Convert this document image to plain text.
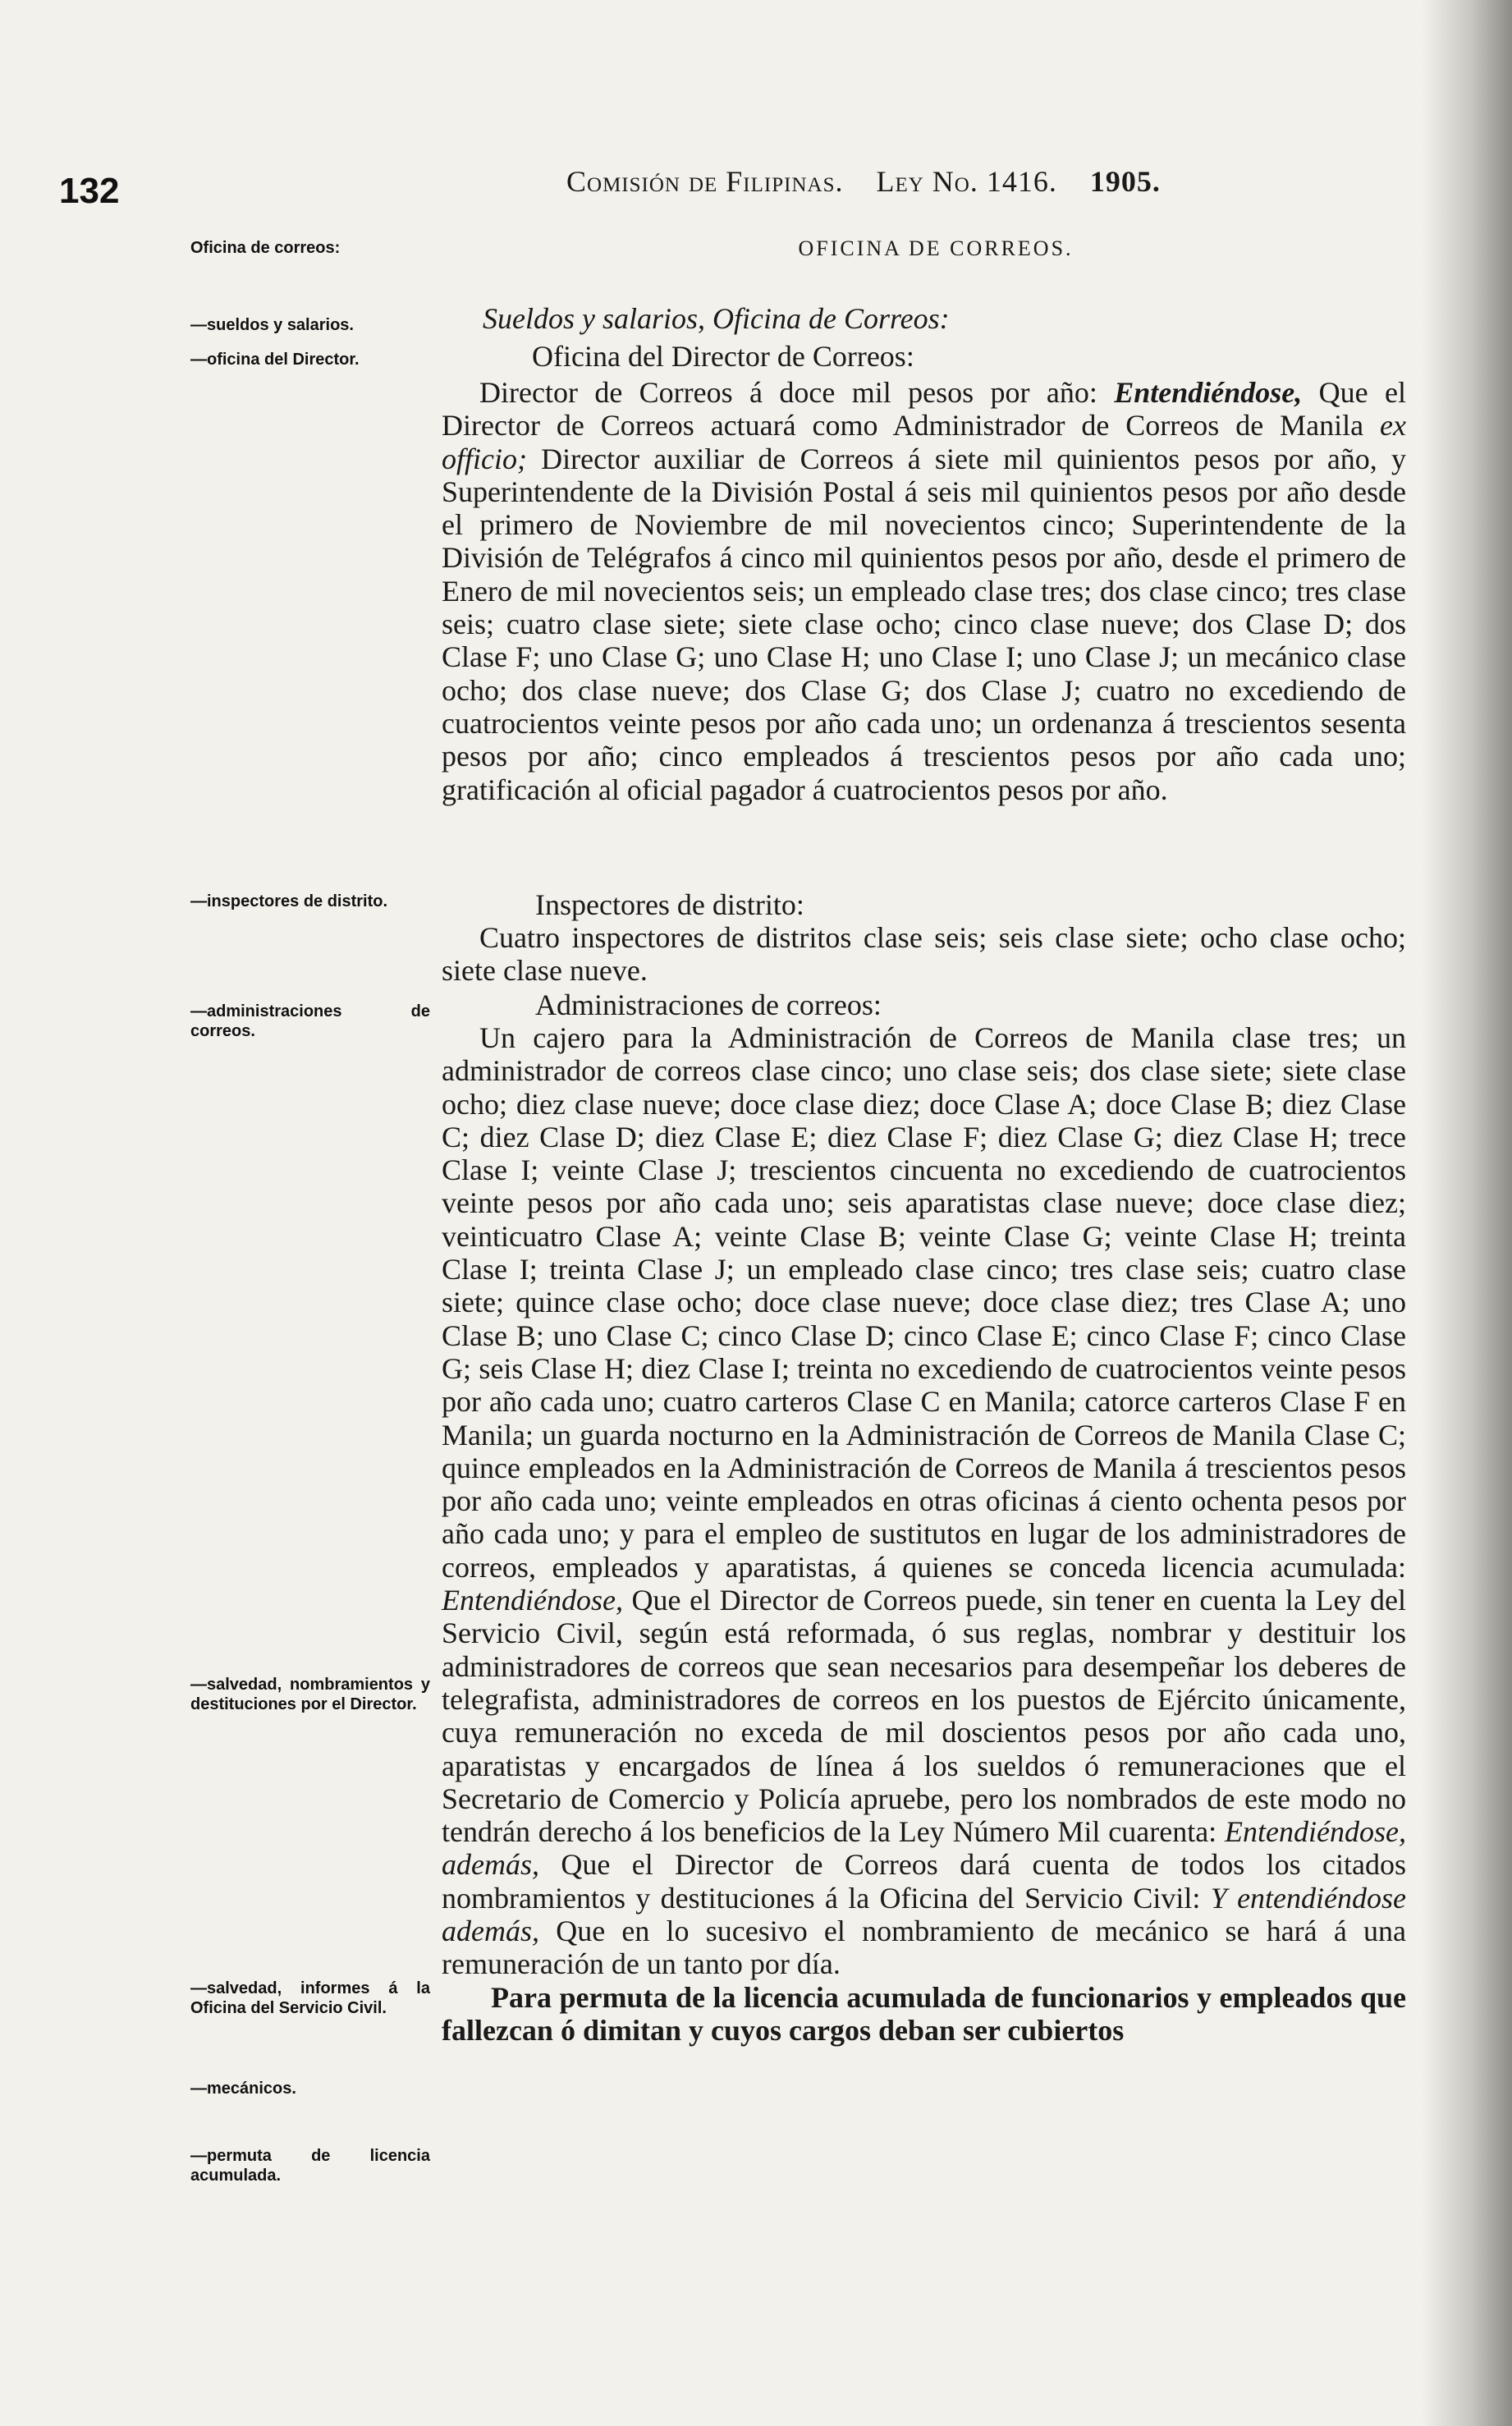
132	Comisión de Filipinas. Ley No. 1416. 1905.
OFICINA DE CORREOS.
Oficina de correos:
—sueldos y salarios.
—oficina del Director.
—inspectores de distrito.
—administraciones de correos.
—salvedad, nombramientos y destituciones por el Director.
—salvedad, informes á la Oficina del Servicio Civil.
—mecánicos.
—permuta de licencia acumulada.
Sueldos y salarios, Oficina de Correos:
Oficina del Director de Correos:

Director de Correos á doce mil pesos por año: Entendiéndose, Que el Director de Correos actuará como Administrador de Correos de Manila ex officio; Director auxiliar de Correos á siete mil quinientos pesos por año, y Superintendente de la División Postal á seis mil quinientos pesos por año desde el primero de Noviembre de mil novecientos cinco; Superintendente de la División de Telégrafos á cinco mil quinientos pesos por año, desde el primero de Enero de mil novecientos seis; un empleado clase tres; dos clase cinco; tres clase seis; cuatro clase siete; siete clase ocho; cinco clase nueve; dos Clase D; dos Clase F; uno Clase G; uno Clase H; uno Clase I; uno Clase J; un mecánico clase ocho; dos clase nueve; dos Clase G; dos Clase J; cuatro no excediendo de cuatrocientos veinte pesos por año cada uno; un ordenanza á trescientos sesenta pesos por año; cinco empleados á trescientos pesos por año cada uno; gratificación al oficial pagador á cuatrocientos pesos por año.

Inspectores de distrito:

Cuatro inspectores de distritos clase seis; seis clase siete; ocho clase ocho; siete clase nueve.

Administraciones de correos:

Un cajero para la Administración de Correos de Manila clase tres; un administrador de correos clase cinco; uno clase seis; dos clase siete; siete clase ocho; diez clase nueve; doce clase diez; doce Clase A; doce Clase B; diez Clase C; diez Clase D; diez Clase E; diez Clase F; diez Clase G; diez Clase H; trece Clase I; veinte Clase J; trescientos cincuenta no excediendo de cuatrocientos veinte pesos por año cada uno; seis aparatistas clase nueve; doce clase diez; veinticuatro Clase A; veinte Clase B; veinte Clase G; veinte Clase H; treinta Clase I; treinta Clase J; un empleado clase cinco; tres clase seis; cuatro clase siete; quince clase ocho; doce clase nueve; doce clase diez; tres Clase A; uno Clase B; uno Clase C; cinco Clase D; cinco Clase E; cinco Clase F; cinco Clase G; seis Clase H; diez Clase I; treinta no excediendo de cuatrocientos veinte pesos por año cada uno; cuatro carteros Clase C en Manila; catorce carteros Clase F en Manila; un guarda nocturno en la Administración de Correos de Manila Clase C; quince empleados en la Administración de Correos de Manila á trescientos pesos por año cada uno; veinte empleados en otras oficinas á ciento ochenta pesos por año cada uno; y para el empleo de sustitutos en lugar de los administradores de correos, empleados y aparatistas, á quienes se conceda licencia acumulada: Entendiéndose, Que el Director de Correos puede, sin tener en cuenta la Ley del Servicio Civil, según está reformada, ó sus reglas, nombrar y destituir los administradores de correos que sean necesarios para desempeñar los deberes de telegrafista, administradores de correos en los puestos de Ejército únicamente, cuya remuneración no exceda de mil doscientos pesos por año cada uno, aparatistas y encargados de línea á los sueldos ó remuneraciones que el Secretario de Comercio y Policía apruebe, pero los nombrados de este modo no tendrán derecho á los beneficios de la Ley Número Mil cuarenta: Entendiéndose, además, Que el Director de Correos dará cuenta de todos los citados nombramientos y destituciones á la Oficina del Servicio Civil: Y entendiéndose además, Que en lo sucesivo el nombramiento de mecánico se hará á una remuneración de un tanto por día.

Para permuta de la licencia acumulada de funcionarios y empleados que fallezcan ó dimitan y cuyos cargos deban ser cubiertos
